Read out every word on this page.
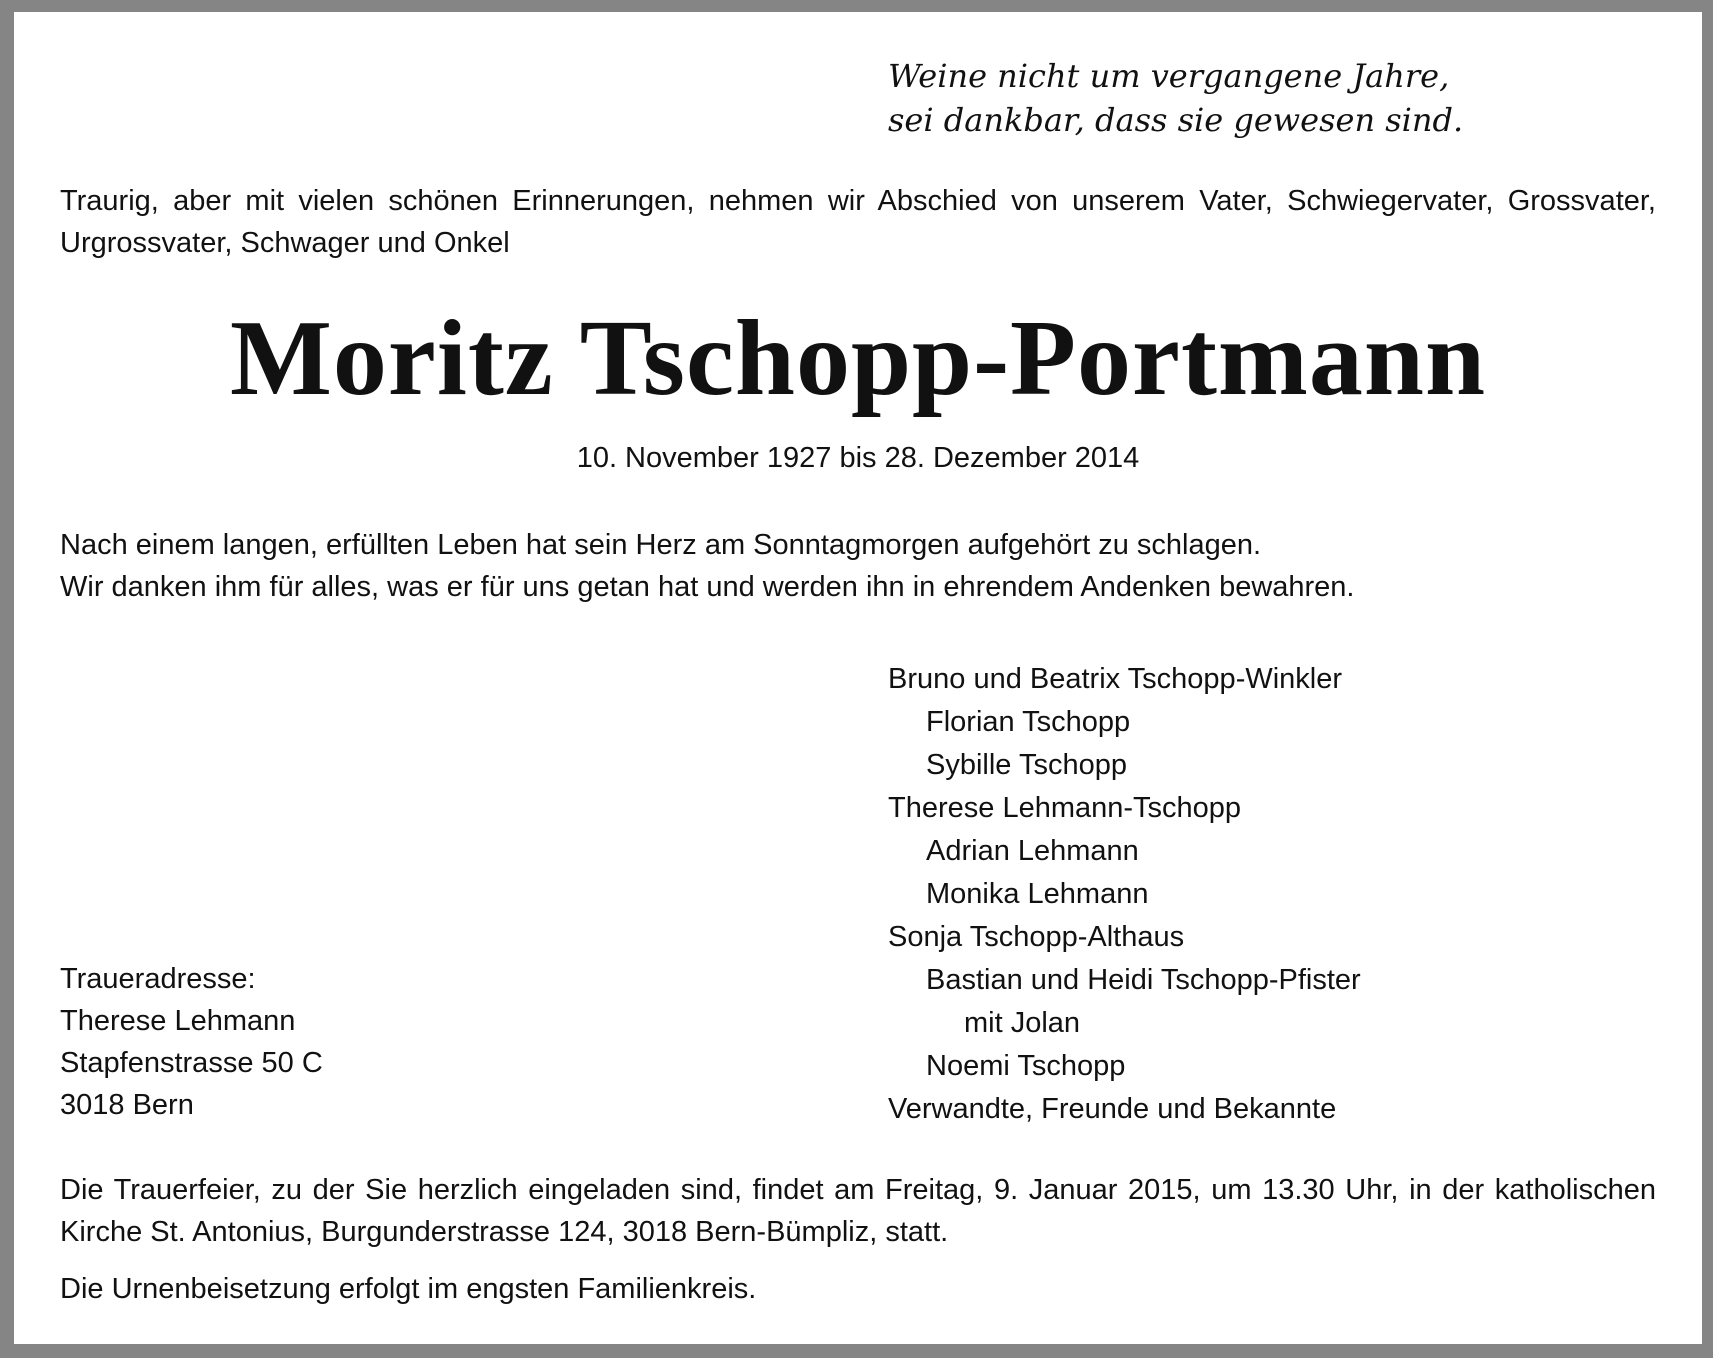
Weine nicht um vergangene Jahre,
sei dankbar, dass sie gewesen sind.

Traurig, aber mit vielen schönen Erinnerungen, nehmen wir Abschied von unserem Vater, Schwiegervater, Grossvater, Urgrossvater, Schwager und Onkel

Moritz Tschopp-Portmann

10. November 1927 bis 28. Dezember 2014

Nach einem langen, erfüllten Leben hat sein Herz am Sonntagmorgen aufgehört zu schlagen.
Wir danken ihm für alles, was er für uns getan hat und werden ihn in ehrendem Andenken bewahren.
Bruno und Beatrix Tschopp-Winkler
Florian Tschopp
Sybille Tschopp
Therese Lehmann-Tschopp
Adrian Lehmann
Monika Lehmann
Sonja Tschopp-Althaus
Bastian und Heidi Tschopp-Pfister
mit Jolan
Noemi Tschopp
Verwandte, Freunde und Bekannte
Traueradresse:
Therese Lehmann
Stapfenstrasse 50 C
3018 Bern

Die Trauerfeier, zu der Sie herzlich eingeladen sind, findet am Freitag, 9. Januar 2015, um 13.30 Uhr, in der katholischen Kirche St. Antonius, Burgunderstrasse 124, 3018 Bern-Bümpliz, statt.

Die Urnenbeisetzung erfolgt im engsten Familienkreis.
